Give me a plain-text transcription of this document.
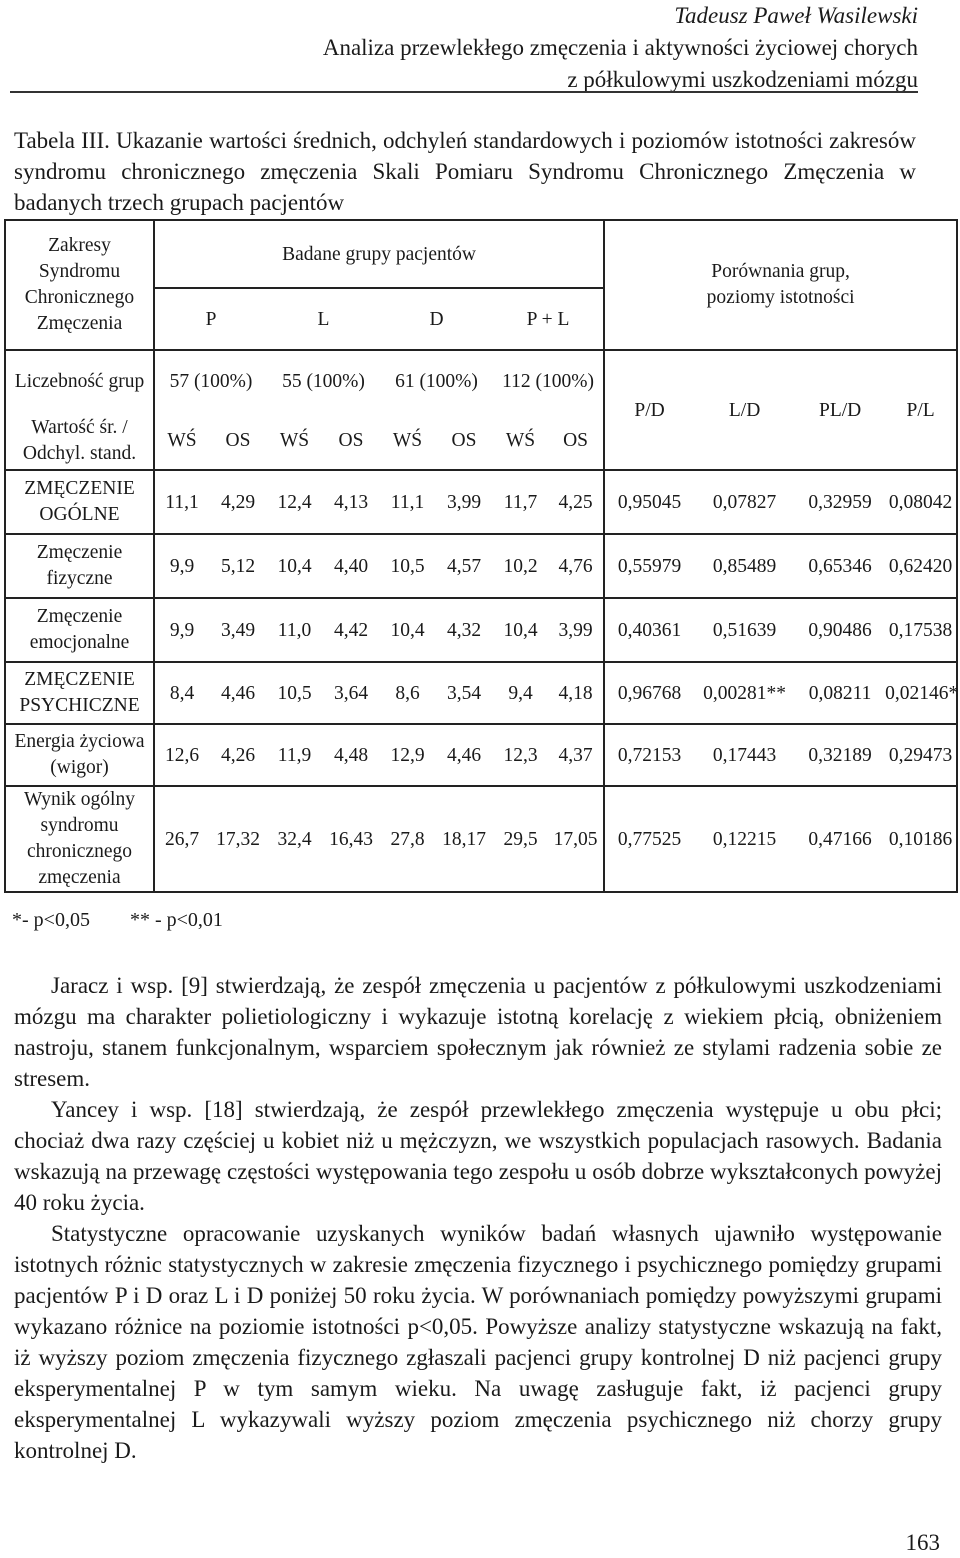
Tadeusz Paweł Wasilewski
Analiza przewlekłego zmęczenia i aktywności życiowej chorych
z półkulowymi uszkodzeniami mózgu

Tabela III. Ukazanie wartości średnich, odchyleń standardowych i poziomów istotności zakresów syndromu chronicznego zmęczenia Skali Pomiaru Syndromu Chronicznego Zmęczenia w badanych trzech grupach pacjentów

Zakresy Syndromu Chronicznego Zmęczenia	Badane grupy pacjentów								Porównania grup, poziomy istotności			
	P		L		D		P + L					
Liczebność grup	57 (100%)		55 (100%)		61 (100%)		112 (100%)		P/D	L/D	PL/D	P/L
Wartość śr. / Odchyl. stand.	WŚ	OS	WŚ	OS	WŚ	OS	WŚ	OS				
ZMĘCZENIE OGÓLNE	11,1	4,29	12,4	4,13	11,1	3,99	11,7	4,25	0,95045	0,07827	0,32959	0,08042
Zmęczenie fizyczne	9,9	5,12	10,4	4,40	10,5	4,57	10,2	4,76	0,55979	0,85489	0,65346	0,62420
Zmęczenie emocjonalne	9,9	3,49	11,0	4,42	10,4	4,32	10,4	3,99	0,40361	0,51639	0,90486	0,17538
ZMĘCZENIE PSYCHICZNE	8,4	4,46	10,5	3,64	8,6	3,54	9,4	4,18	0,96768	0,00281**	0,08211	0,02146*
Energia życiowa (wigor)	12,6	4,26	11,9	4,48	12,9	4,46	12,3	4,37	0,72153	0,17443	0,32189	0,29473
Wynik ogólny syndromu chronicznego zmęczenia	26,7	17,32	32,4	16,43	27,8	18,17	29,5	17,05	0,77525	0,12215	0,47166	0,10186
*- p<0,05        ** - p<0,01

Jaracz i wsp. [9] stwierdzają, że zespół zmęczenia u pacjentów z półkulowymi uszkodzeniami mózgu ma charakter polietiologiczny i wykazuje istotną korelację z wiekiem płcią, obniżeniem nastroju, stanem funkcjonalnym, wsparciem społecznym jak również ze stylami radzenia sobie ze stresem.

Yancey i wsp. [18] stwierdzają, że zespół przewlekłego zmęczenia występuje u obu płci; chociaż dwa razy częściej u kobiet niż u mężczyzn, we wszystkich populacjach rasowych. Badania wskazują na przewagę częstości występowania tego zespołu u osób dobrze wykształconych powyżej 40 roku życia.

Statystyczne opracowanie uzyskanych wyników badań własnych ujawniło występowanie istotnych różnic statystycznych w zakresie zmęczenia fizycznego i psychicznego pomiędzy grupami pacjentów P i D oraz L i D poniżej 50 roku życia. W porównaniach pomiędzy powyższymi grupami wykazano różnice na poziomie istotności p<0,05. Powyższe analizy statystyczne wskazują na fakt, iż wyższy poziom zmęczenia fizycznego zgłaszali pacjenci grupy kontrolnej D niż pacjenci grupy eksperymentalnej P w tym samym wieku. Na uwagę zasługuje fakt, iż pacjenci grupy eksperymentalnej L wykazywali wyższy poziom zmęczenia psychicznego niż chorzy grupy kontrolnej D.

163
